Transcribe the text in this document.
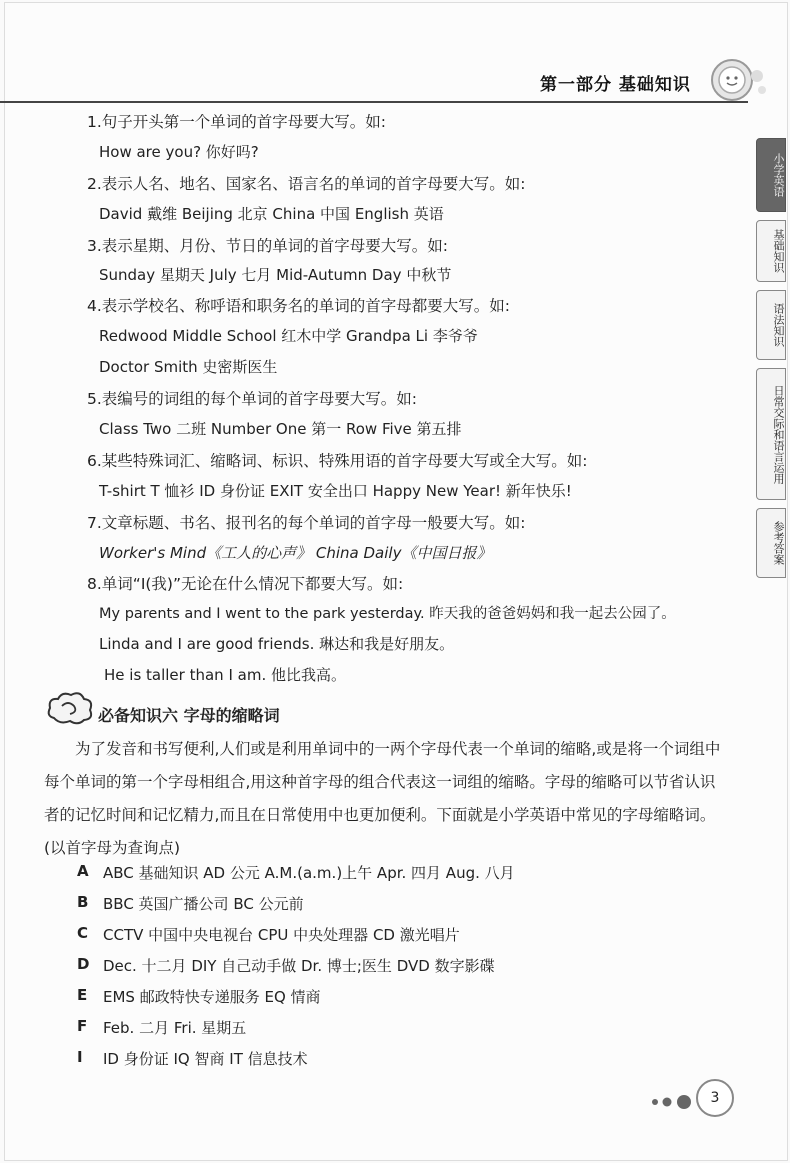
第一部分 基础知识
小学英语
基础知识
语法知识
日常交际和语言运用
参考答案
1.句子开头第一个单词的首字母要大写。如:
How are you? 你好吗?
2.表示人名、地名、国家名、语言名的单词的首字母要大写。如:
David 戴维 Beijing 北京 China 中国 English 英语
3.表示星期、月份、节日的单词的首字母要大写。如:
Sunday 星期天 July 七月 Mid-Autumn Day 中秋节
4.表示学校名、称呼语和职务名的单词的首字母都要大写。如:
Redwood Middle School 红木中学 Grandpa Li 李爷爷
Doctor Smith 史密斯医生
5.表编号的词组的每个单词的首字母要大写。如:
Class Two 二班 Number One 第一 Row Five 第五排
6.某些特殊词汇、缩略词、标识、特殊用语的首字母要大写或全大写。如:
T-shirt T 恤衫 ID 身份证 EXIT 安全出口 Happy New Year! 新年快乐!
7.文章标题、书名、报刊名的每个单词的首字母一般要大写。如:
Worker's Mind《工人的心声》 China Daily《中国日报》
8.单词“I(我)”无论在什么情况下都要大写。如:
My parents and I went to the park yesterday. 昨天我的爸爸妈妈和我一起去公园了。
Linda and I are good friends. 琳达和我是好朋友。
He is taller than I am. 他比我高。
必备知识六 字母的缩略词
为了发音和书写便利,人们或是利用单词中的一两个字母代表一个单词的缩略,或是将一个词组中每个单词的第一个字母相组合,用这种首字母的组合代表这一词组的缩略。字母的缩略可以节省认识者的记忆时间和记忆精力,而且在日常使用中也更加便利。下面就是小学英语中常见的字母缩略词。(以首字母为查询点)
A ABC 基础知识 AD 公元 A.M.(a.m.)上午 Apr. 四月 Aug. 八月
B BBC 英国广播公司 BC 公元前
C CCTV 中国中央电视台 CPU 中央处理器 CD 激光唱片
D Dec. 十二月 DIY 自己动手做 Dr. 博士;医生 DVD 数字影碟
E EMS 邮政特快专递服务 EQ 情商
F Feb. 二月 Fri. 星期五
I ID 身份证 IQ 智商 IT 信息技术
3
